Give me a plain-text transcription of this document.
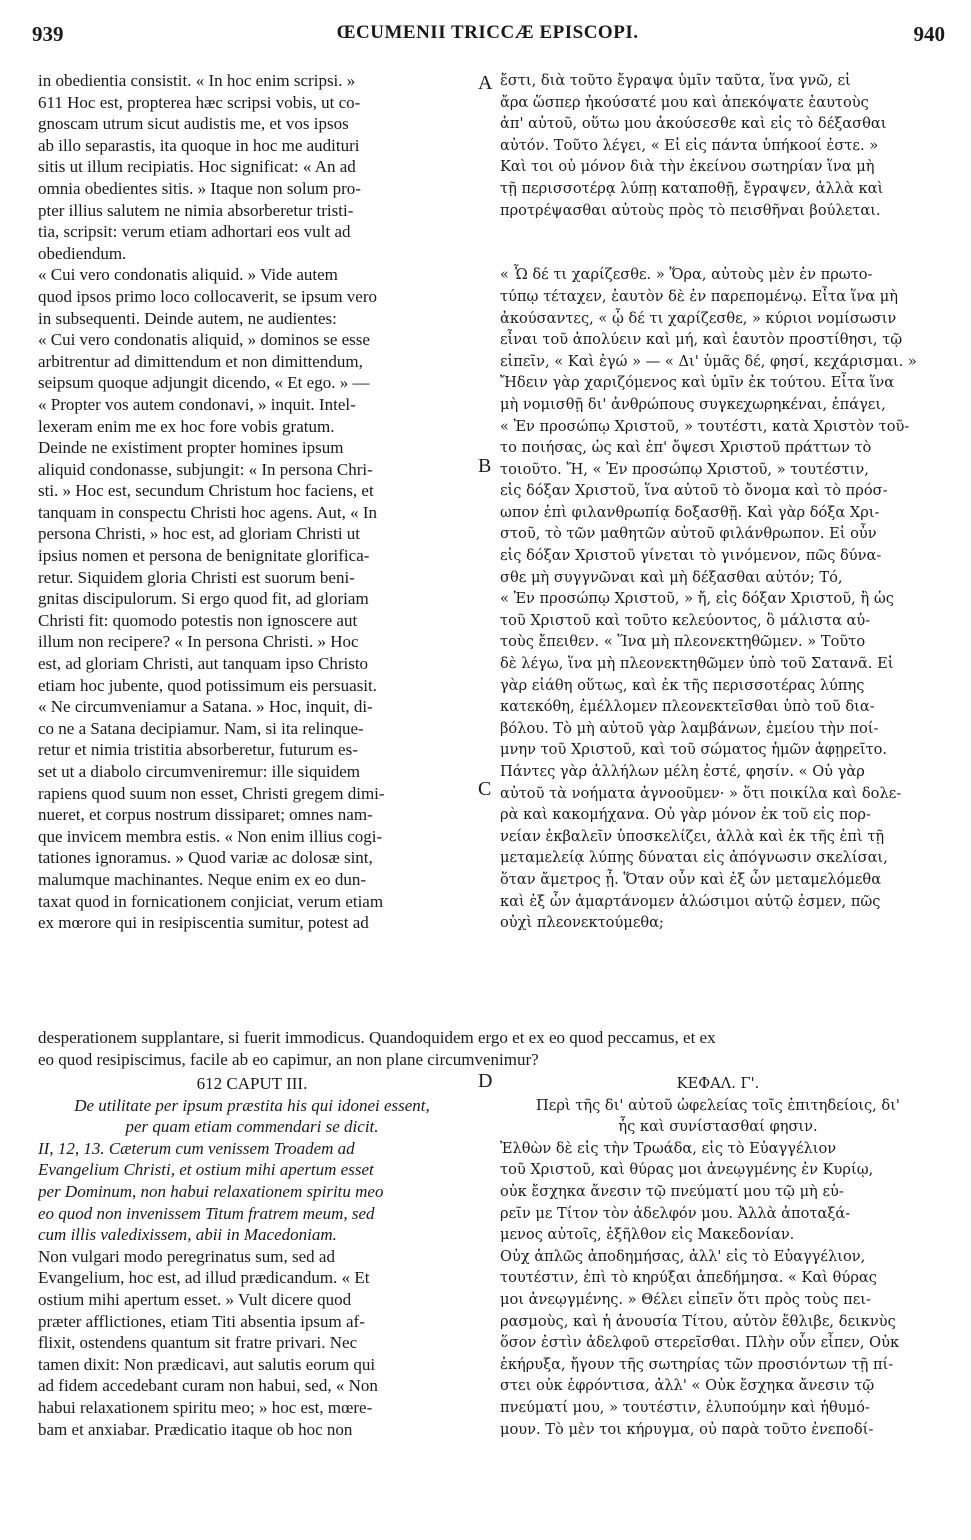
939	ŒCUMENII TRICCÆ EPISCOPI.	940
A
B
C
D
in obedientia consistit. « In hoc enim scripsi. »
611 Hoc est, propterea hæc scripsi vobis, ut co-
gnoscam utrum sicut audistis me, et vos ipsos
ab illo separastis, ita quoque in hoc me audituri
sitis ut illum recipiatis. Hoc significat: « An ad
omnia obedientes sitis. » Itaque non solum pro-
pter illius salutem ne nimia absorberetur tristi-
tia, scripsit: verum etiam adhortari eos vult ad
obediendum.
« Cui vero condonatis aliquid. » Vide autem
quod ipsos primo loco collocaverit, se ipsum vero
in subsequenti. Deinde autem, ne audientes:
« Cui vero condonatis aliquid, » dominos se esse
arbitrentur ad dimittendum et non dimittendum,
seipsum quoque adjungit dicendo, « Et ego. » —
« Propter vos autem condonavi, » inquit. Intel-
lexeram enim me ex hoc fore vobis gratum.
Deinde ne existiment propter homines ipsum
aliquid condonasse, subjungit: « In persona Chri-
sti. » Hoc est, secundum Christum hoc faciens, et
tanquam in conspectu Christi hoc agens. Aut, « In
persona Christi, » hoc est, ad gloriam Christi ut
ipsius nomen et persona de benignitate glorifica-
retur. Siquidem gloria Christi est suorum beni-
gnitas discipulorum. Si ergo quod fit, ad gloriam
Christi fit: quomodo potestis non ignoscere aut
illum non recipere? « In persona Christi. » Hoc
est, ad gloriam Christi, aut tanquam ipso Christo
etiam hoc jubente, quod potissimum eis persuasit.
« Ne circumveniamur a Satana. » Hoc, inquit, di-
co ne a Satana decipiamur. Nam, si ita relinque-
retur et nimia tristitia absorberetur, futurum es-
set ut a diabolo circumveniremur: ille siquidem
rapiens quod suum non esset, Christi gregem dimi-
nueret, et corpus nostrum dissiparet; omnes nam-
que invicem membra estis. « Non enim illius cogi-
tationes ignoramus. » Quod variæ ac dolosæ sint,
malumque machinantes. Neque enim ex eo dun-
taxat quod in fornicationem conjiciat, verum etiam
ex mœrore qui in resipiscentia sumitur, potest ad
ἔστι, διὰ τοῦτο ἔγραψα ὑμῖν ταῦτα, ἵνα γνῶ, εἰ
ἄρα ὥσπερ ἠκούσατέ μου καὶ ἀπεκόψατε ἑαυτοὺς
ἀπ' αὐτοῦ, οὕτω μου ἀκούσεσθε καὶ εἰς τὸ δέξασθαι
αὐτόν. Τοῦτο λέγει, « Εἰ εἰς πάντα ὑπήκοοί ἐστε. »
Καὶ τοι οὐ μόνον διὰ τὴν ἐκείνου σωτηρίαν ἵνα μὴ
τῇ περισσοτέρᾳ λύπῃ καταποθῇ, ἔγραψεν, ἀλλὰ καὶ
προτρέψασθαι αὐτοὺς πρὸς τὸ πεισθῆναι βούλεται.
« Ὧ δέ τι χαρίζεσθε. » Ὅρα, αὐτοὺς μὲν ἐν πρωτο-
τύπῳ τέταχεν, ἑαυτὸν δὲ ἐν παρεπομένῳ. Εἶτα ἵνα μὴ
ἀκούσαντες, « ᾧ δέ τι χαρίζεσθε, » κύριοι νομίσωσιν
εἶναι τοῦ ἀπολύειν καὶ μή, καὶ ἑαυτὸν προστίθησι, τῷ
εἰπεῖν, « Καὶ ἐγώ » — « Δι' ὑμᾶς δέ, φησί, κεχάρισμαι. »
Ἤδειν γὰρ χαριζόμενος καὶ ὑμῖν ἐκ τούτου. Εἶτα ἵνα
μὴ νομισθῇ δι' ἀνθρώπους συγκεχωρηκέναι, ἐπάγει,
« Ἐν προσώπῳ Χριστοῦ, » τουτέστι, κατὰ Χριστὸν τοῦ-
το ποιήσας, ὡς καὶ ἐπ' ὄψεσι Χριστοῦ πράττων τὸ
τοιοῦτο. Ἤ, « Ἐν προσώπῳ Χριστοῦ, » τουτέστιν,
εἰς δόξαν Χριστοῦ, ἵνα αὐτοῦ τὸ ὄνομα καὶ τὸ πρόσ-
ωπον ἐπὶ φιλανθρωπίᾳ δοξασθῇ. Καὶ γὰρ δόξα Χρι-
στοῦ, τὸ τῶν μαθητῶν αὐτοῦ φιλάνθρωπον. Εἰ οὖν
εἰς δόξαν Χριστοῦ γίνεται τὸ γινόμενον, πῶς δύνα-
σθε μὴ συγγνῶναι καὶ μὴ δέξασθαι αὐτόν; Τό,
« Ἐν προσώπῳ Χριστοῦ, » ἤ, εἰς δόξαν Χριστοῦ, ἢ ὡς
τοῦ Χριστοῦ καὶ τοῦτο κελεύοντος, ὃ μάλιστα αὐ-
τοὺς ἔπειθεν. « Ἵνα μὴ πλεονεκτηθῶμεν. » Τοῦτο
δὲ λέγω, ἵνα μὴ πλεονεκτηθῶμεν ὑπὸ τοῦ Σατανᾶ. Εἰ
γὰρ εἰάθη οὕτως, καὶ ἐκ τῆς περισσοτέρας λύπης
κατεκόθη, ἐμέλλομεν πλεονεκτεῖσθαι ὑπὸ τοῦ δια-
βόλου. Τὸ μὴ αὐτοῦ γὰρ λαμβάνων, ἐμείου τὴν ποί-
μνην τοῦ Χριστοῦ, καὶ τοῦ σώματος ἡμῶν ἀφῃρεῖτο.
Πάντες γὰρ ἀλλήλων μέλη ἐστέ, φησίν. « Οὐ γὰρ
αὐτοῦ τὰ νοήματα ἀγνοοῦμεν· » ὅτι ποικίλα καὶ δολε-
ρὰ καὶ κακομήχανα. Οὐ γὰρ μόνον ἐκ τοῦ εἰς πορ-
νείαν ἐκβαλεῖν ὑποσκελίζει, ἀλλὰ καὶ ἐκ τῆς ἐπὶ τῇ
μεταμελείᾳ λύπης δύναται εἰς ἀπόγνωσιν σκελίσαι,
ὅταν ἄμετρος ᾖ. Ὅταν οὖν καὶ ἐξ ὧν μεταμελόμεθα
καὶ ἐξ ὧν ἁμαρτάνομεν ἁλώσιμοι αὐτῷ ἐσμεν, πῶς
οὐχὶ πλεονεκτούμεθα;
desperationem supplantare, si fuerit immodicus. Quandoquidem ergo et ex eo quod peccamus, et ex
eo quod resipiscimus, facile ab eo capimur, an non plane circumvenimur?
612 CAPUT III.
De utilitate per ipsum præstita his qui idonei essent,
per quam etiam commendari se dicit.
II, 12, 13. Cæterum cum venissem Troadem ad
Evangelium Christi, et ostium mihi apertum esset
per Dominum, non habui relaxationem spiritu meo
eo quod non invenissem Titum fratrem meum, sed
cum illis valedixissem, abii in Macedoniam.
Non vulgari modo peregrinatus sum, sed ad
Evangelium, hoc est, ad illud prædicandum. « Et
ostium mihi apertum esset. » Vult dicere quod
præter afflictiones, etiam Titi absentia ipsum af-
flixit, ostendens quantum sit fratre privari. Nec
tamen dixit: Non prædicavi, aut salutis eorum qui
ad fidem accedebant curam non habui, sed, « Non
habui relaxationem spiritu meo; » hoc est, mœre-
bam et anxiabar. Prædicatio itaque ob hoc non
ΚΕΦΑΛ. Γ'.
Περὶ τῆς δι' αὐτοῦ ὠφελείας τοῖς ἐπιτηδείοις, δι'
ἧς καὶ συνίστασθαί φησιν.
Ἐλθὼν δὲ εἰς τὴν Τρωάδα, εἰς τὸ Εὐαγγέλιον
τοῦ Χριστοῦ, καὶ θύρας μοι ἀνεῳγμένης ἐν Κυρίῳ,
οὐκ ἔσχηκα ἄνεσιν τῷ πνεύματί μου τῷ μὴ εὑ-
ρεῖν με Τίτον τὸν ἀδελφόν μου. Ἀλλὰ ἀποταξά-
μενος αὐτοῖς, ἐξῆλθον εἰς Μακεδονίαν.
Οὐχ ἁπλῶς ἀποδημήσας, ἀλλ' εἰς τὸ Εὐαγγέλιον,
τουτέστιν, ἐπὶ τὸ κηρύξαι ἀπεδήμησα. « Καὶ θύρας
μοι ἀνεῳγμένης. » Θέλει εἰπεῖν ὅτι πρὸς τοὺς πει-
ρασμοὺς, καὶ ἡ ἀνουσία Τίτου, αὐτὸν ἔθλιβε, δεικνὺς
ὅσον ἐστὶν ἀδελφοῦ στερεῖσθαι. Πλὴν οὖν εἶπεν, Οὐκ
ἐκήρυξα, ἤγουν τῆς σωτηρίας τῶν προσιόντων τῇ πί-
στει οὐκ ἐφρόντισα, ἀλλ' « Οὐκ ἔσχηκα ἄνεσιν τῷ
πνεύματί μου, » τουτέστιν, ἐλυπούμην καὶ ἠθυμό-
μουν. Τὸ μὲν τοι κήρυγμα, οὐ παρὰ τοῦτο ἐνεποδί-
